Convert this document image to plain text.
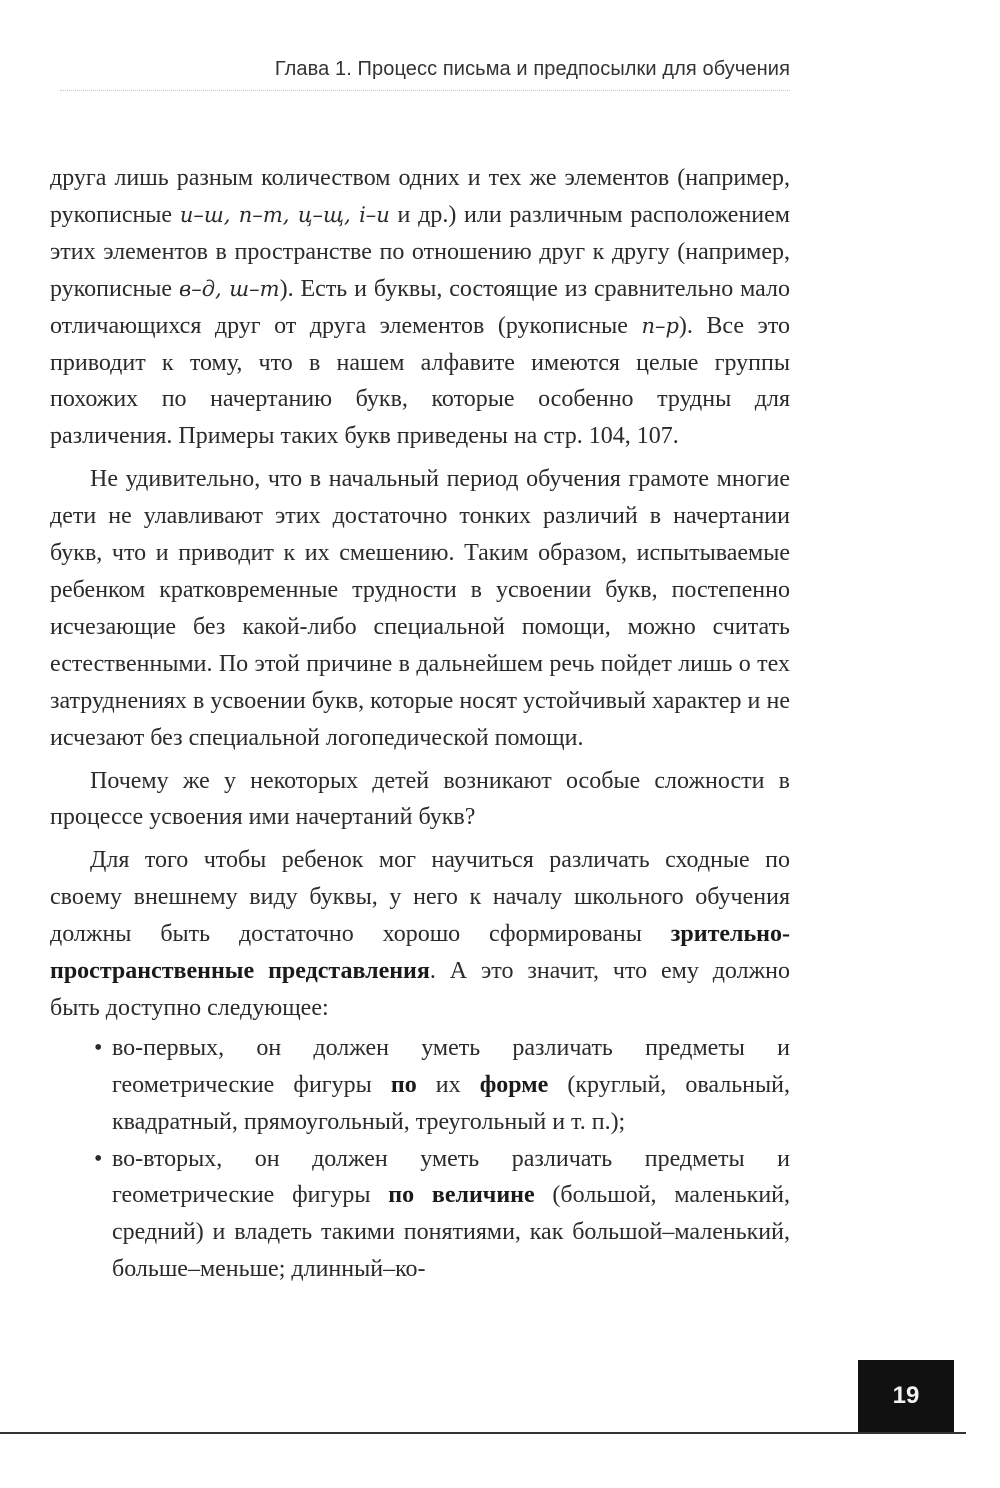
Глава 1. Процесс письма и предпосылки для обучения

друга лишь разным количеством одних и тех же элементов (например, рукописные и–ш, п–т, ц–щ, і–и и др.) или различным расположением этих элементов в пространстве по отношению друг к другу (например, рукописные в–д, ш–т). Есть и буквы, состоящие из сравнительно мало отличающихся друг от друга элементов (рукописные п–р). Все это приводит к тому, что в нашем алфавите имеются целые группы похожих по начертанию букв, которые особенно трудны для различения. Примеры таких букв приведены на стр. 104, 107.

Не удивительно, что в начальный период обучения грамоте многие дети не улавливают этих достаточно тонких различий в начертании букв, что и приводит к их смешению. Таким образом, испытываемые ребенком кратковременные трудности в усвоении букв, постепенно исчезающие без какой-либо специальной помощи, можно считать естественными. По этой причине в дальнейшем речь пойдет лишь о тех затруднениях в усвоении букв, которые носят устойчивый характер и не исчезают без специальной логопедической помощи.

Почему же у некоторых детей возникают особые сложности в процессе усвоения ими начертаний букв?

Для того чтобы ребенок мог научиться различать сходные по своему внешнему виду буквы, у него к началу школьного обучения должны быть достаточно хорошо сформированы зрительно-пространственные представления. А это значит, что ему должно быть доступно следующее:

• во-первых, он должен уметь различать предметы и геометрические фигуры по их форме (круглый, овальный, квадратный, прямоугольный, треугольный и т. п.);
• во-вторых, он должен уметь различать предметы и геометрические фигуры по величине (большой, маленький, средний) и владеть такими понятиями, как большой–маленький, больше–меньше; длинный–ко-
19
